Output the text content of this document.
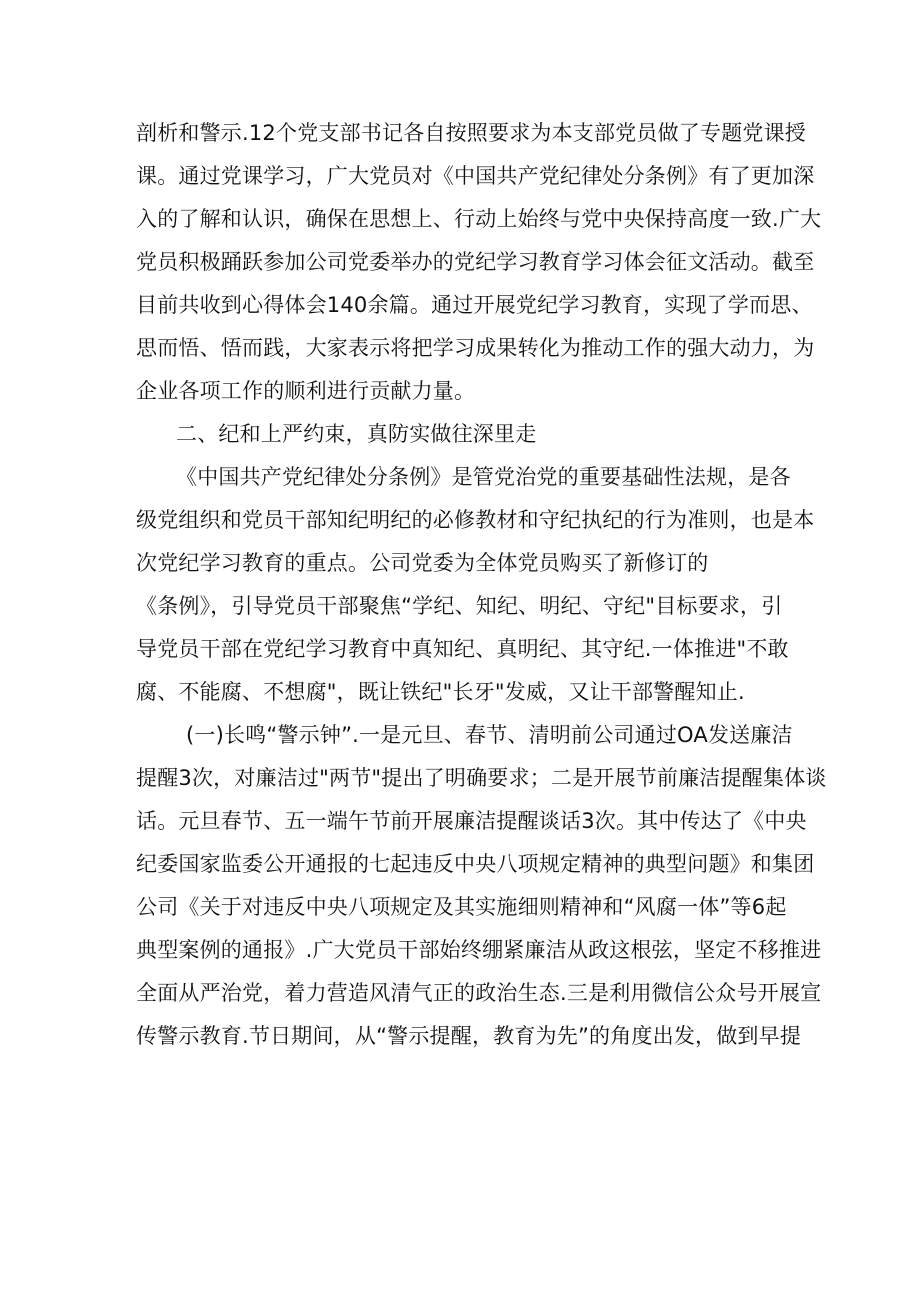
剖析和警示.12个党支部书记各自按照要求为本支部党员做了专题党课授
课。通过党课学习，广大党员对《中国共产党纪律处分条例》有了更加深
入的了解和认识，确保在思想上、行动上始终与党中央保持高度一致.广大
党员积极踊跃参加公司党委举办的党纪学习教育学习体会征文活动。截至
目前共收到心得体会140余篇。通过开展党纪学习教育，实现了学而思、
思而悟、悟而践，大家表示将把学习成果转化为推动工作的强大动力，为
企业各项工作的顺利进行贡献力量。
二、纪和上严约束，真防实做往深里走
《中国共产党纪律处分条例》是管党治党的重要基础性法规，是各
级党组织和党员干部知纪明纪的必修教材和守纪执纪的行为准则，也是本
次党纪学习教育的重点。公司党委为全体党员购买了新修订的
《条例》，引导党员干部聚焦“学纪、知纪、明纪、守纪"目标要求，引
导党员干部在党纪学习教育中真知纪、真明纪、其守纪.一体推进"不敢
腐、不能腐、不想腐"，既让铁纪"长牙"发威，又让干部警醒知止.
(一)长鸣“警示钟”.一是元旦、春节、清明前公司通过OA发送廉洁
提醒3次，对廉洁过"两节"提出了明确要求；二是开展节前廉洁提醒集体谈
话。元旦春节、五一端午节前开展廉洁提醒谈话3次。其中传达了《中央
纪委国家监委公开通报的七起违反中央八项规定精神的典型问题》和集团
公司《关于对违反中央八项规定及其实施细则精神和“风腐一体”等6起
典型案例的通报》.广大党员干部始终绷紧廉洁从政这根弦，坚定不移推进
全面从严治党，着力营造风清气正的政治生态.三是利用微信公众号开展宣
传警示教育.节日期间，从“警示提醒，教育为先”的角度出发，做到早提
